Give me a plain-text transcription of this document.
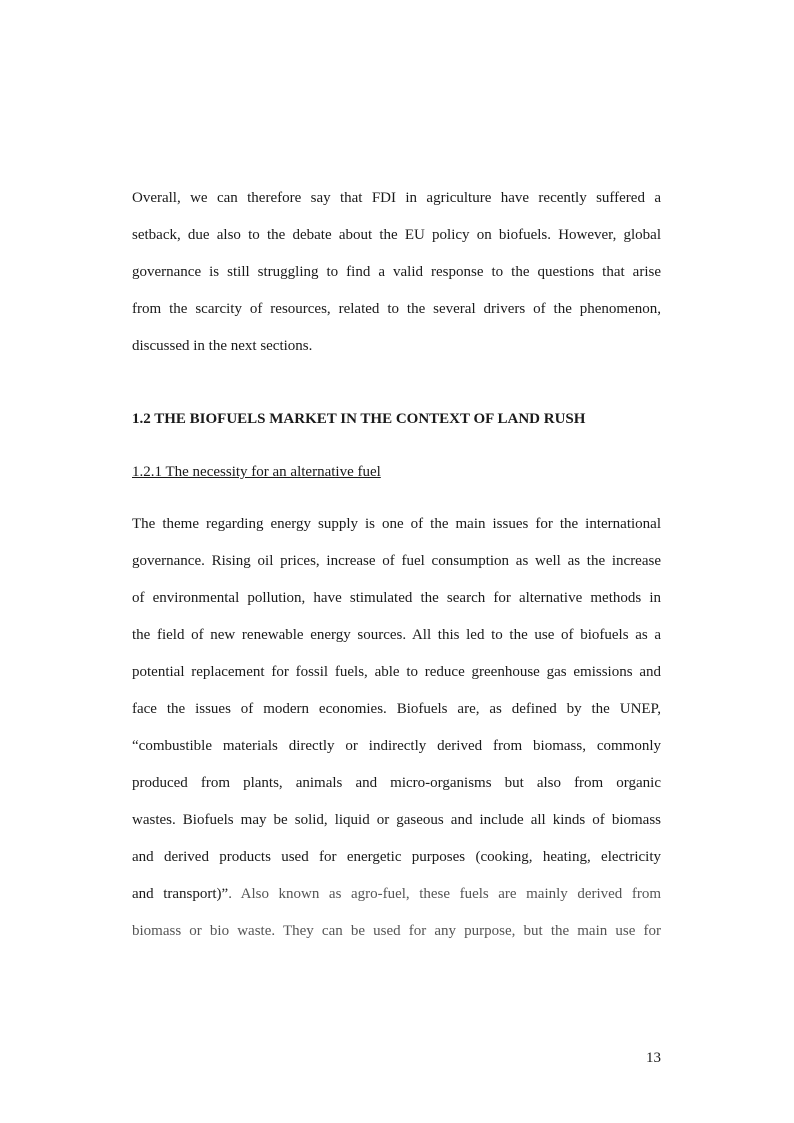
Overall, we can therefore say that FDI in agriculture have recently suffered a
setback, due also to the debate about the EU policy on biofuels. However, global
governance is still struggling to find a valid response to the questions that arise
from the scarcity of resources, related to the several drivers of the phenomenon,
discussed in the next sections.
1.2 THE BIOFUELS MARKET IN THE CONTEXT OF LAND RUSH
1.2.1 The necessity for an alternative fuel
The theme regarding energy supply is one of the main issues for the international
governance. Rising oil prices, increase of fuel consumption as well as the increase
of environmental pollution, have stimulated the search for alternative methods in
the field of new renewable energy sources. All this led to the use of biofuels as a
potential replacement for fossil fuels, able to reduce greenhouse gas emissions and
face the issues of modern economies. Biofuels are, as defined by the UNEP,
“combustible materials directly or indirectly derived from biomass, commonly
produced from plants, animals and micro-organisms but also from organic
wastes. Biofuels may be solid, liquid or gaseous and include all kinds of biomass
and derived products used for energetic purposes (cooking, heating, electricity
and transport)”. Also known as agro-fuel, these fuels are mainly derived from
biomass or bio waste. They can be used for any purpose, but the main use for
13
